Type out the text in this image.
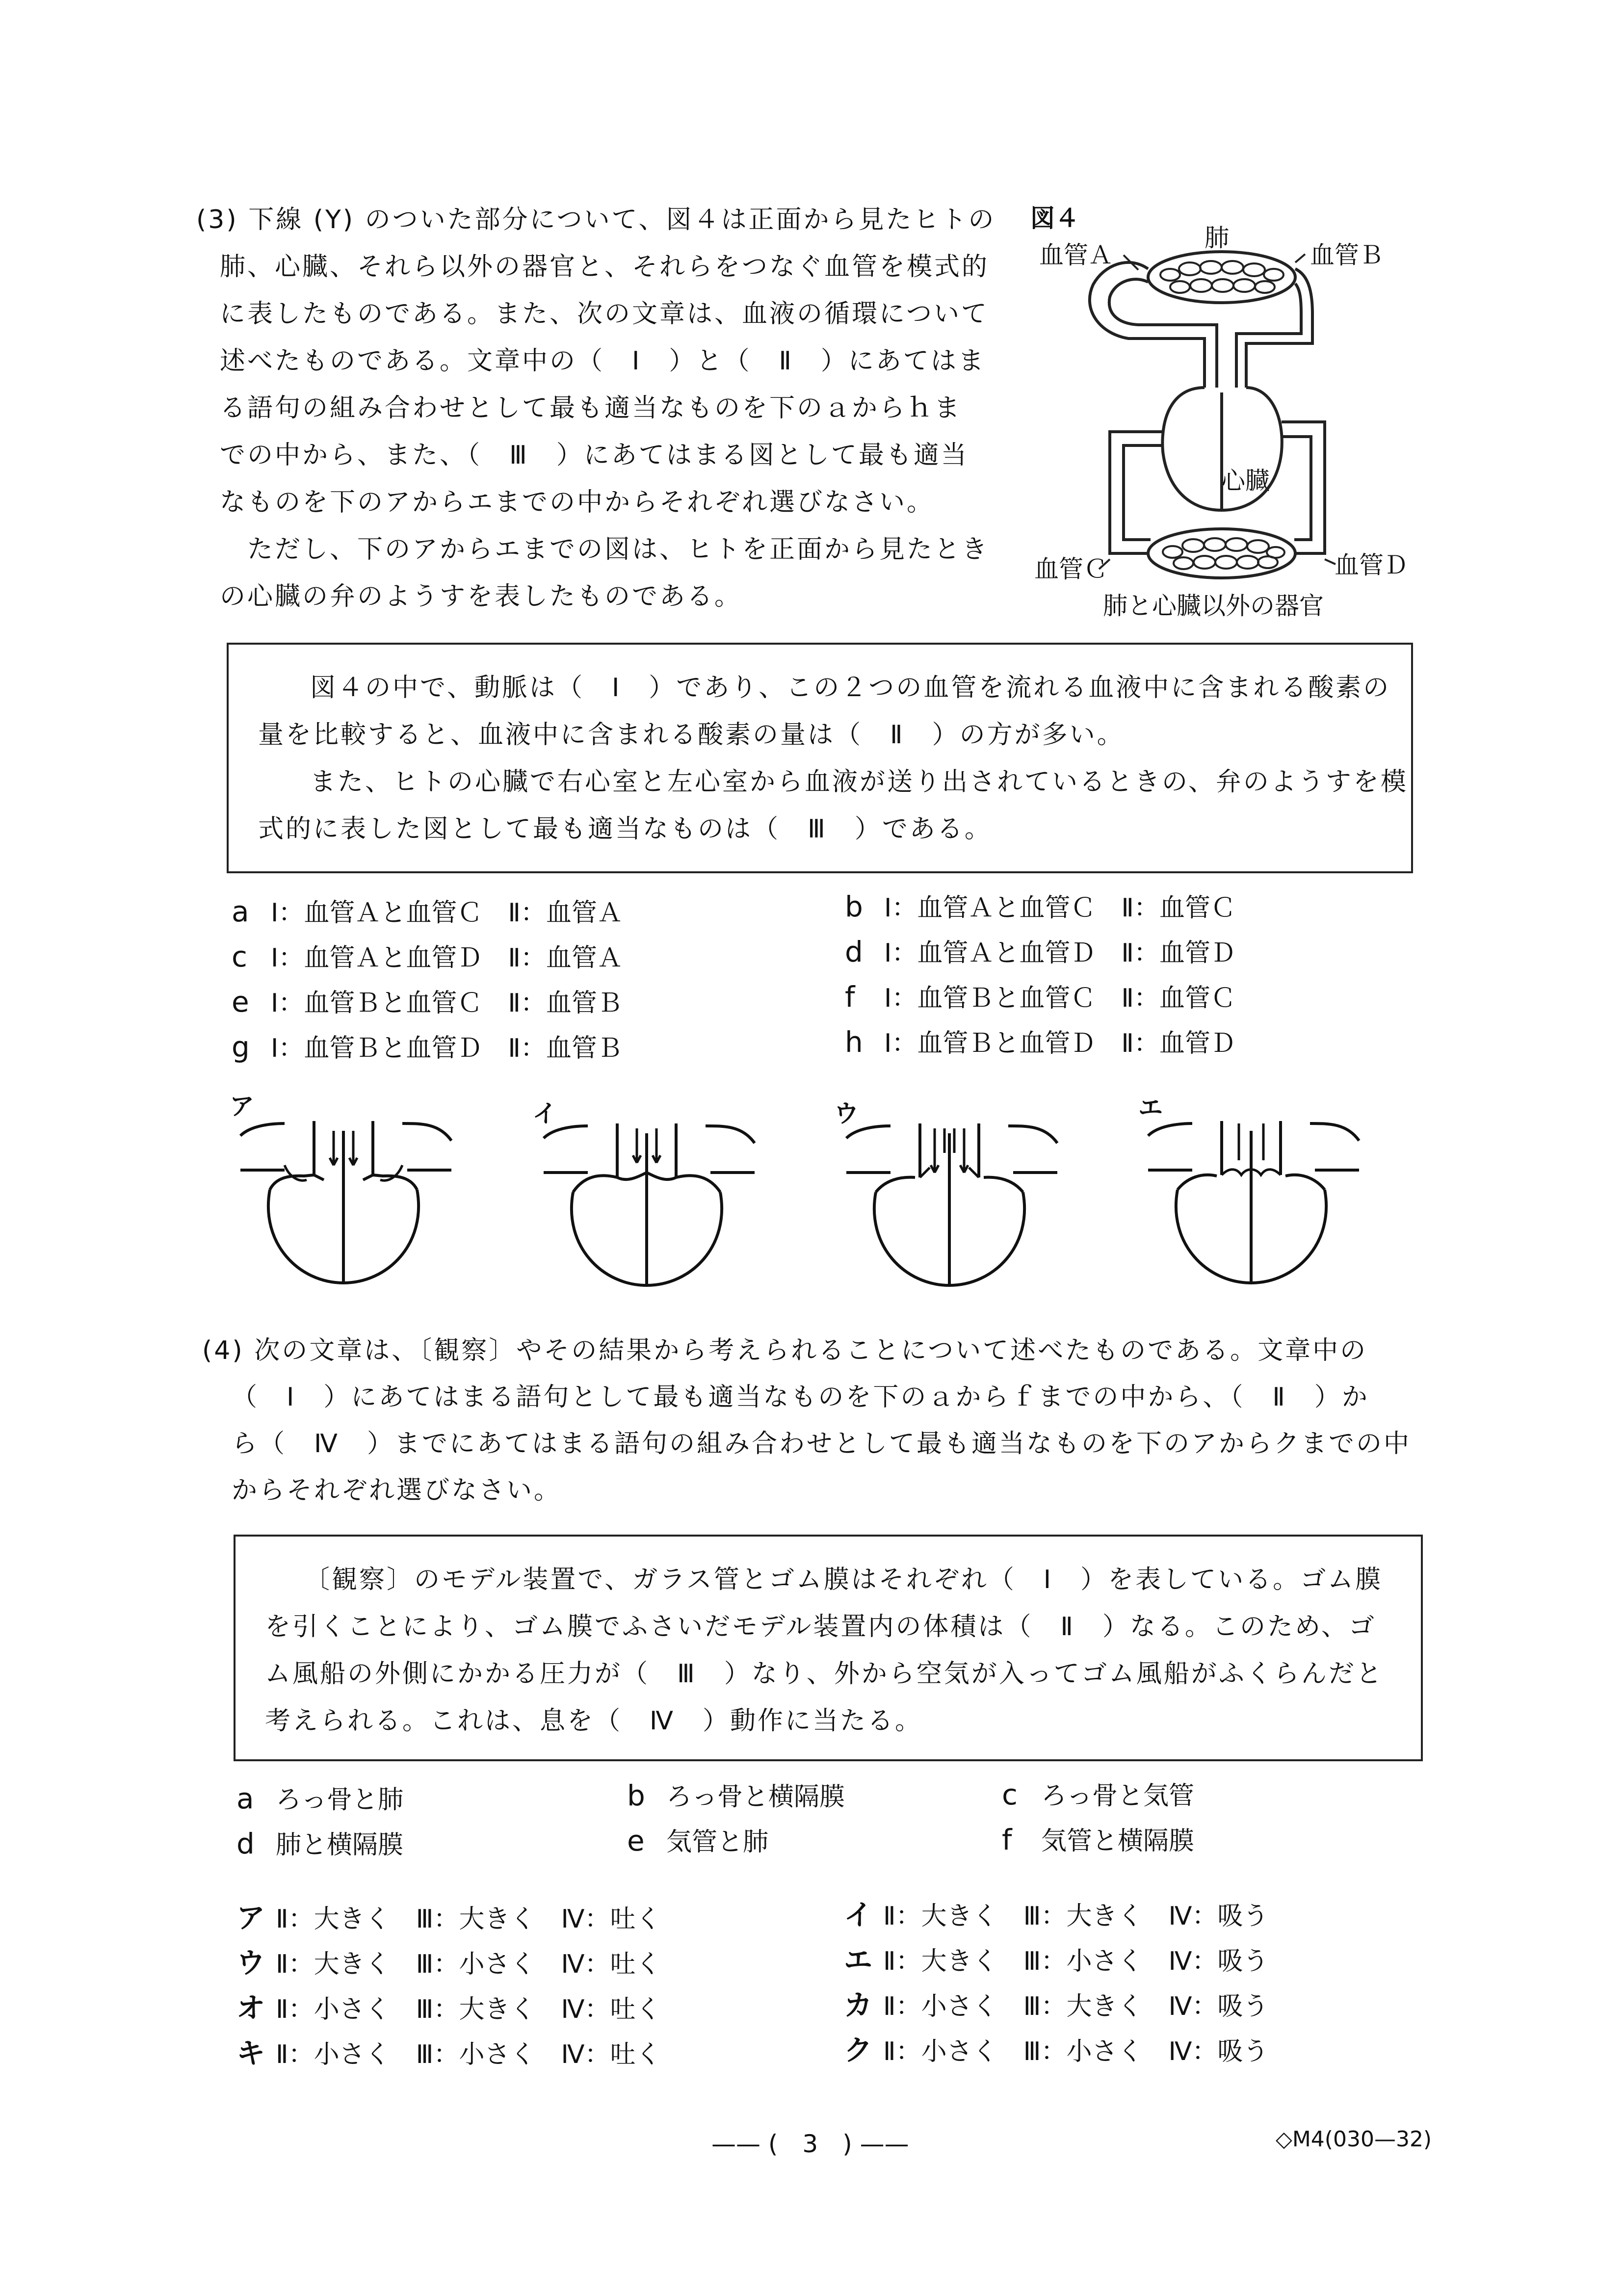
(3) 下線 (Y) のついた部分について、図４は正面から見たヒトの
肺、心臓、それら以外の器官と、それらをつなぐ血管を模式的
に表したものである。また、次の文章は、血液の循環について
述べたものである。文章中の（　Ⅰ　）と（　Ⅱ　）にあてはま
る語句の組み合わせとして最も適当なものを下のａからｈま
での中から、また、（　Ⅲ　）にあてはまる図として最も適当
なものを下のアからエまでの中からそれぞれ選びなさい。
　ただし、下のアからエまでの図は、ヒトを正面から見たとき
の心臓の弁のようすを表したものである。
図４
肺
血管Ａ	血管Ｂ
心臓
血管Ｃ	血管Ｄ
肺と心臓以外の器官
　図４の中で、動脈は（　Ⅰ　）であり、この２つの血管を流れる血液中に含まれる酸素の
量を比較すると、血液中に含まれる酸素の量は（　Ⅱ　）の方が多い。
　また、ヒトの心臓で右心室と左心室から血液が送り出されているときの、弁のようすを模
式的に表した図として最も適当なものは（　Ⅲ　）である。
a Ⅰ：血管Ａと血管Ｃ　Ⅱ：血管Ａ	b Ⅰ：血管Ａと血管Ｃ　Ⅱ：血管Ｃ
c Ⅰ：血管Ａと血管Ｄ　Ⅱ：血管Ａ	d Ⅰ：血管Ａと血管Ｄ　Ⅱ：血管Ｄ
e Ⅰ：血管Ｂと血管Ｃ　Ⅱ：血管Ｂ	f Ⅰ：血管Ｂと血管Ｃ　Ⅱ：血管Ｃ
g Ⅰ：血管Ｂと血管Ｄ　Ⅱ：血管Ｂ	h Ⅰ：血管Ｂと血管Ｄ　Ⅱ：血管Ｄ
ア	イ	ウ	エ
(4) 次の文章は、〔観察〕やその結果から考えられることについて述べたものである。文章中の
（　Ⅰ　）にあてはまる語句として最も適当なものを下のａからｆまでの中から、（　Ⅱ　）か
ら（　Ⅳ　）までにあてはまる語句の組み合わせとして最も適当なものを下のアからクまでの中
からそれぞれ選びなさい。
　〔観察〕のモデル装置で、ガラス管とゴム膜はそれぞれ（　Ⅰ　）を表している。ゴム膜
を引くことにより、ゴム膜でふさいだモデル装置内の体積は（　Ⅱ　）なる。このため、ゴ
ム風船の外側にかかる圧力が（　Ⅲ　）なり、外から空気が入ってゴム風船がふくらんだと
考えられる。これは、息を（　Ⅳ　）動作に当たる。
a ろっ骨と肺	b ろっ骨と横隔膜	c ろっ骨と気管
d 肺と横隔膜	e 気管と肺	f 気管と横隔膜
ア Ⅱ：大きく　Ⅲ：大きく　Ⅳ：吐く	イ Ⅱ：大きく　Ⅲ：大きく　Ⅳ：吸う
ウ Ⅱ：大きく　Ⅲ：小さく　Ⅳ：吐く	エ Ⅱ：大きく　Ⅲ：小さく　Ⅳ：吸う
オ Ⅱ：小さく　Ⅲ：大きく　Ⅳ：吐く	カ Ⅱ：小さく　Ⅲ：大きく　Ⅳ：吸う
キ Ⅱ：小さく　Ⅲ：小さく　Ⅳ：吐く	ク Ⅱ：小さく　Ⅲ：小さく　Ⅳ：吸う
—— (　3　) ——	◇M4(030—32)
